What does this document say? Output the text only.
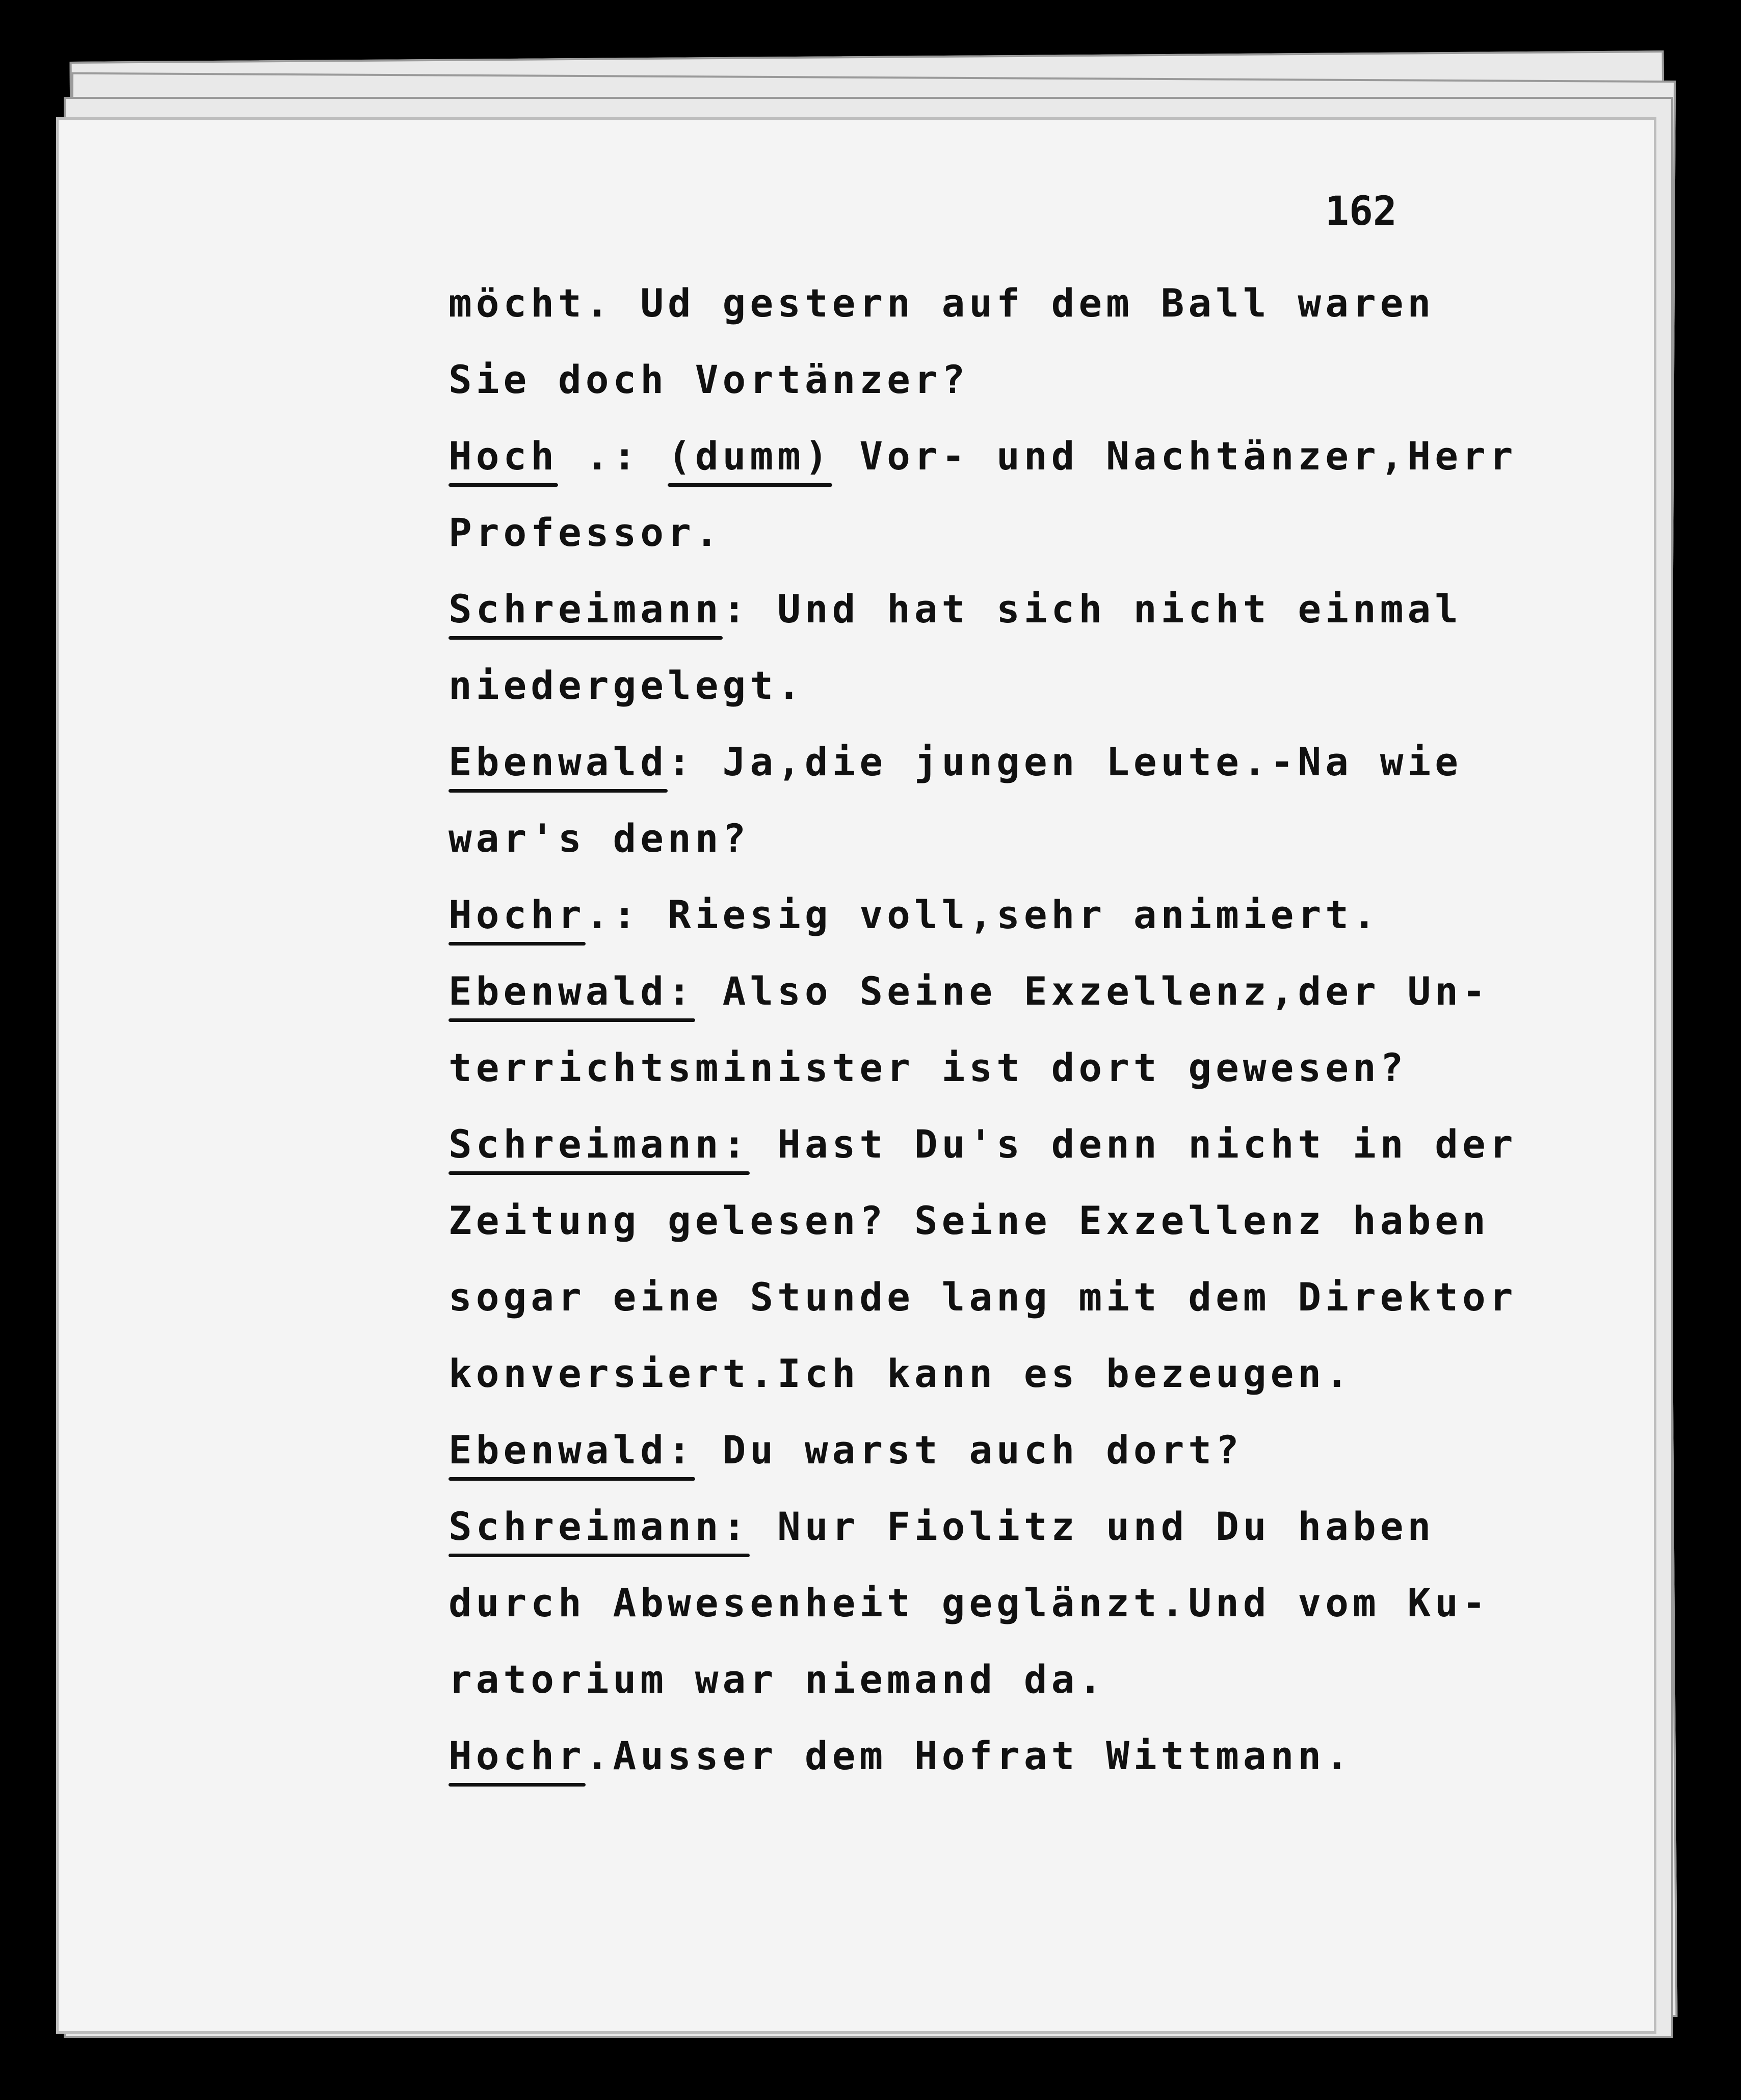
162
möcht. Ud gestern auf dem Ball waren
Sie doch Vortänzer?
Hoch .: (dumm) Vor- und Nachtänzer,Herr
Professor.
Schreimann: Und hat sich nicht einmal
niedergelegt.
Ebenwald: Ja,die jungen Leute.-Na wie
war's denn?
Hochr.: Riesig voll,sehr animiert.
Ebenwald: Also Seine Exzellenz,der Un-
terrichtsminister ist dort gewesen?
Schreimann: Hast Du's denn nicht in der
Zeitung gelesen? Seine Exzellenz haben
sogar eine Stunde lang mit dem Direktor
konversiert.Ich kann es bezeugen.
Ebenwald: Du warst auch dort?
Schreimann: Nur Fiolitz und Du haben
durch Abwesenheit geglänzt.Und vom Ku-
ratorium war niemand da.
Hochr.Ausser dem Hofrat Wittmann.
